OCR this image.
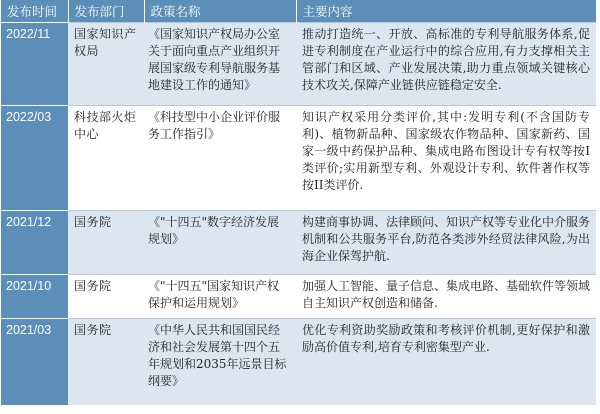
发布时间	发布部门	政策名称	主要内容
2022/11	国家知识产权局	《国家知识产权局办公室关于面向重点产业组织开展国家级专利导航服务基地建设工作的通知》	推动打造统一、开放、高标准的专利导航服务体系,促进专利制度在产业运行中的综合应用,有力支撑相关主管部门和区域、产业发展决策,助力重点领域关键核心技术攻关,保障产业链供应链稳定安全.
2022/03	科技部火炬中心	《科技型中小企业评价服务工作指引》	知识产权采用分类评价,其中:发明专利(不含国防专利)、植物新品种、国家级农作物品种、国家新药、国家一级中药保护品种、集成电路布图设计专有权等按I类评价;实用新型专利、外观设计专利、软件著作权等按II类评价.
2021/12	国务院	《"十四五"数字经济发展规划》	构建商事协调、法律顾问、知识产权等专业化中介服务机制和公共服务平台,防范各类涉外经贸法律风险,为出海企业保驾护航.
2021/10	国务院	《"十四五"国家知识产权保护和运用规划》	加强人工智能、量子信息、集成电路、基础软件等领域自主知识产权创造和储备.
2021/03	国务院	《中华人民共和国国民经济和社会发展第十四个五年规划和2035年远景目标纲要》	优化专利资助奖励政策和考核评价机制,更好保护和激励高价值专利,培育专利密集型产业.
